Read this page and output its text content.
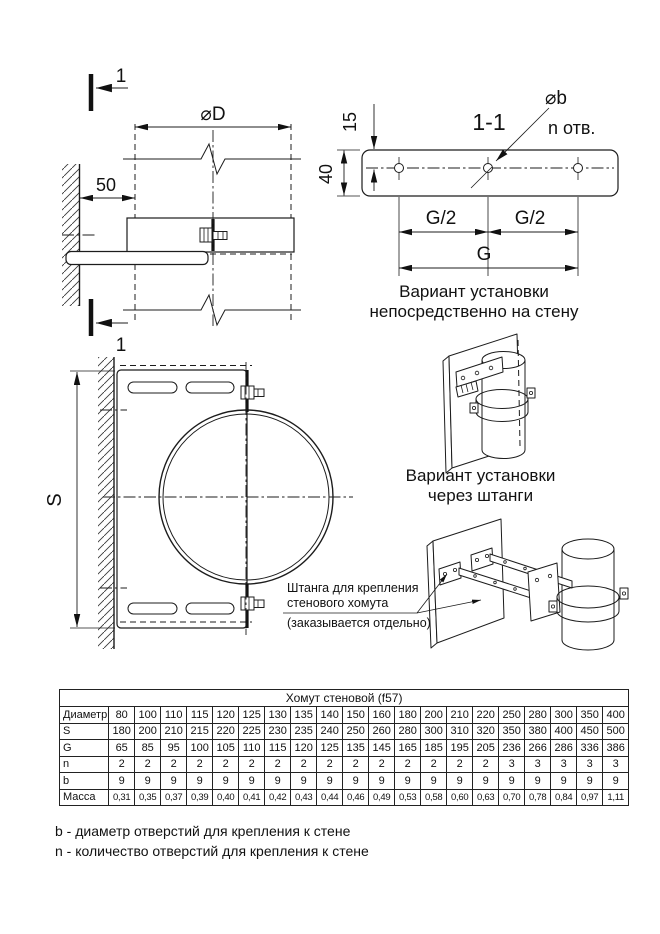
1
1
⌀D
50
1-1
⌀b
n отв.
15
40
G/2	G/2
G
S
Вариант установки
непосредственно на стену
Вариант установки
через штанги
Штанга для крепления
стенового хомута
(заказывается отдельно)
Хомут стеновой (f57)																				
Диаметр	80	100	110	115	120	125	130	135	140	150	160	180	200	210	220	250	280	300	350	400
S	180	200	210	215	220	225	230	235	240	250	260	280	300	310	320	350	380	400	450	500
G	65	85	95	100	105	110	115	120	125	135	145	165	185	195	205	236	266	286	336	386
n	2	2	2	2	2	2	2	2	2	2	2	2	2	2	2	3	3	3	3	3
b	9	9	9	9	9	9	9	9	9	9	9	9	9	9	9	9	9	9	9	9
Масса	0,31	0,35	0,37	0,39	0,40	0,41	0,42	0,43	0,44	0,46	0,49	0,53	0,58	0,60	0,63	0,70	0,78	0,84	0,97	1,11
b - диаметр отверстий для крепления к стене
n - количество отверстий для крепления к стене
